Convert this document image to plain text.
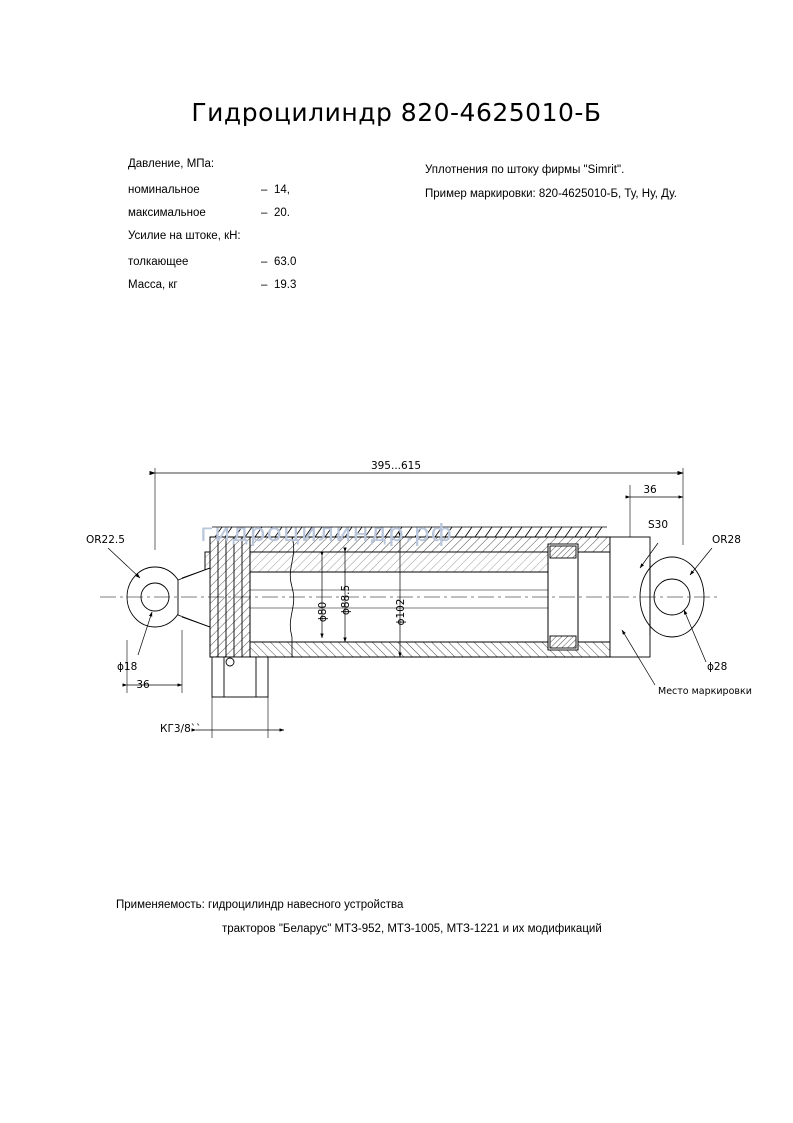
Гидроцилиндр 820-4625010-Б
Давление, МПа:
номинальное	– 14,
максимальное	– 20.
Усилие на штоке, кН:
толкающее	– 63.0
Масса, кг	– 19.3
Уплотнения по штоку фирмы "Simrit".
Пример маркировки: 820-4625010-Б, Ту, Ну, Ду.
395...615
36
S30
ОR28
ОR22.5
ϕ18
36
ϕ28
КГ3/8``
Место маркировки
ϕ88.5
ϕ80	ϕ102
гидроцилиндр.рф
Применяемость: гидроцилиндр навесного устройства
тракторов "Беларус" МТЗ-952, МТЗ-1005, МТЗ-1221 и их модификаций
